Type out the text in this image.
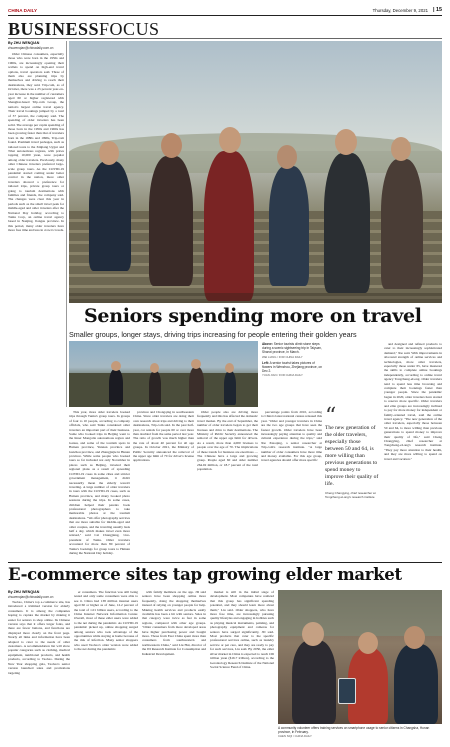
CHINA DAILY	Thursday, December 9, 2021 | 15
BUSINESSFOCUS
By ZHU WENQIAN
zhuwenqian@chinadaily.com.cn

Older Chinese consumers, especially those who were born in the 1950s and 1960s, are increasingly opening their wallets to spend on high-end travel options, travel operators said. Three of them also are planning trips by themselves and driving to reach their destinations, they said. Trip.com, as of October, there was a 23 percent year-on-year increase in the number of customers aged 60 or higher registered with Shanghai-based Trip.com Group, the nation's largest online travel agency. Their travel bookings jumped by a total of 37 percent, the company said. The spending of older travelers has been solid. The average per capita spending of those born in the 1950s and 1960s has been growing faster than that of travelers born in the 1980s and 1990s, Trip.com found. Premium travel packages, such as tailored tours to the Xinjiang Uygur and Tibet autonomous regions, with prices topping 10,000 yuan, were popular among older travelers. Previously, many older Chinese travelers preferred large-scale group tours. As the COVID-19 pandemic started coming under better control in the nation, more older travelers showed a preference for tailored trips, private group tours or going to tourism destinations with families and friends, the company said. The changes were clear this year in periods such as the small travel peak for middle-aged and older travelers after the National Day holiday, according to Tuniu Corp, an online travel agency based in Nanjing, Jiangsu province. In this period, many older travelers have more free time and less in crowd crowds.

Seniors spending more on travel
Smaller groups, longer stays, driving trips increasing for people entering their golden years
Above: Senior tourists climb stone steps during a scenic sightseeing trip in Taiyuan, Shanxi province, in March.
WEI LIANG / FOR CHINA DAILY
Left: A senior tourist takes pictures of flowers in Wenzhou, Zhejiang province, on Dec 2.
YUAN JIAN / FOR CHINA DAILY
“
The new generation of the older travelers, especially those between 50 and 64, is more willing than previous generations to spend money to improve their quality of life.
Cheng Changying, chief researcher at Tongcheng eLong's research institute

This year, more older travelers booked trips through Tuniu's group tours. In groups of four to 10 people, according to company officials, who said Tuniu considered older travelers an important part of their business. Some who booked trips in Beijing went to the Inner Mongolia autonomous region and Gansu, and some of the tourism spots in Hainan province, Yunnan province and Guizhou province, and Zhangjiajie in Hunan province. While some people who booked tours so far included not only November in places such as Beijing, traveled their regional plans as a result of spreading COVID-19 cases in some cities and stricter government management, it didn't necessarily mean the elderly weren't traveling. A large number of older travelers in tours with the COVID-19 cases, such as Hainan province, and many booked photo sessions during the trips. In some cases, children helped their parents book professional photographers to take memorable photos at the tourism destinations. "We offer photography services that are more suitable for middle-aged and older couples, and the traveling usually lasts half a day, which makes travel even more relaxed," said Cai Changjiang, vice-president of Tuniu. Older travelers accounted for more than 80 percent of Tuniu's bookings for group tours to Hainan during the National Day holiday.

province and Chongqing in southwestern China. Since older travelers are doing their own research about trips and driving to their destinations, Trip.com said. In the past half-year, car rentals for people 60 or over more than doubled from the same period last year. The ratio of growth was much higher than the rate of about 40 percent for all age groups. In October 2021, the Ministry of Public Security announced the removal of the upper age limit of 70 for driver's license applications.

Older people also are driving more frequently and this has affected the domestic travel market. By the end of September, the number of older travelers began to get their licenses and drive to their destinations. The Ministry of Public Security announced the removal of the upper age limit for drivers. As a result, more than 4,000 licenses to people over the age of 70. The implications of these trends for business are enormous — The Chinese have a large and growing group. People aged 60 and older number 264.02 million, or 18.7 percent of the total population.

percentage points from 2010, according to China's latest national census released this year. "Older and younger travelers in China are the two age groups that have seen the fastest growth. Older travelers have been increasingly paying attention to quality and cultural experience during the trips," said Xie Xiaoqing, a senior researcher at Trip.com's research institute. "A large number of older consumers have more time and money available. For this age group, travel agencies should offer more specific

and designed and refined products to cater to their increasingly sophisticated demand," Xie said. With improvements in all-round strength of online services and technologies, more older travelers, especially those under 65, have mastered the skills to complete online bookings independently, according to online travel agency Tongcheng-eLong. Older travelers tend to spend less time browsing and complete their bookings faster than younger people. Since the pandemic began in 2020, older travelers have started to reserve more specific. Older travelers and elite groups are increasingly inclined to pay for more money for independent or family-oriented travel, said the online travel agency. "The new generation of the older travelers, especially those between 50 and 64, is more willing than previous generations to spend money to improve their quality of life," said Cheng Changying, chief researcher at Tongcheng-eLong's research institute. "They pay more attention to their health, and they are more willing to spend on travel and vacation."

E-commerce sites tap growing elder market
By ZHU WENQIAN
zhuwenqian@chinadaily.com.cn

Taobao, China's top e-commerce site, has introduced a trimmed version for elderly consumers. It is among the companies hoping to capture the market by making it easier for seniors to shop online. Its Chinese version says that it offers larger fonts, and there are fewer buttons, and functions are displayed more clearly on the front page. Nearly all links and information have been adapted to cater to the needs of older customers. A recommendation list will show popular categories such as clothing, medical equipment, nutritional products, and health products, according to Taobao. During the New Year shopping gala, Taobao's senior version launched sales and promotions targeting

er consumers. The function was still being tested and only some consumers were able to see it. China had 138 million internet users aged 60 or higher as of June, 12.2 percent of the total of 1.01 billion users, according to the China Internet Network Information Center. Overall, most of these elder users were added to the net during the pandemic. As COVID-19 pandemic picked up, online shopping surged among seniors who took advantage of the opportunities while staying at home because of the risk of infection. Many senior shoppers who used Taobao's older version were added to the net during the pandemic.

with family members on the app. JD said seniors have been shopping online more frequently, doing the shopping themselves instead of relying on younger people for help. Making health services and products easily available has been a hit with seniors. Sales in that category were twice as fast in some regions, compared with other age groups. "Older consumers from more developed areas have higher purchasing power and bought more. Those from East China spent more than consumers from southwestern and northwestern China," said Liu Hui, director of the JD Research Institute for Consumption and Industrial Development.

market is still in the initial stage of development. Most companies have realized that this group has significant spending potential, and they should learn more about them," Liu said. Older shoppers, who have more free time, are increasingly pursuing quality lifestyles and engaging in hobbies such as playing musical instruments, painting, and photography equipment and cameras for seniors have surged significantly, JD said. Most products that cater to the specific professional services online, such as laundry service or pet care, and they are ready to pay for such services, Liu said. By 2050, the elder silver market in China is expected to reach 106 trillion yuan ($16.7 trillion), according to the Gerontology Research Institute of the National Social Science Fund of China.

A community volunteer offers training services on smartphone usage to senior citizens in Changsha, Hunan province, in February.
CHEN SIQI / CHINA DAILY
